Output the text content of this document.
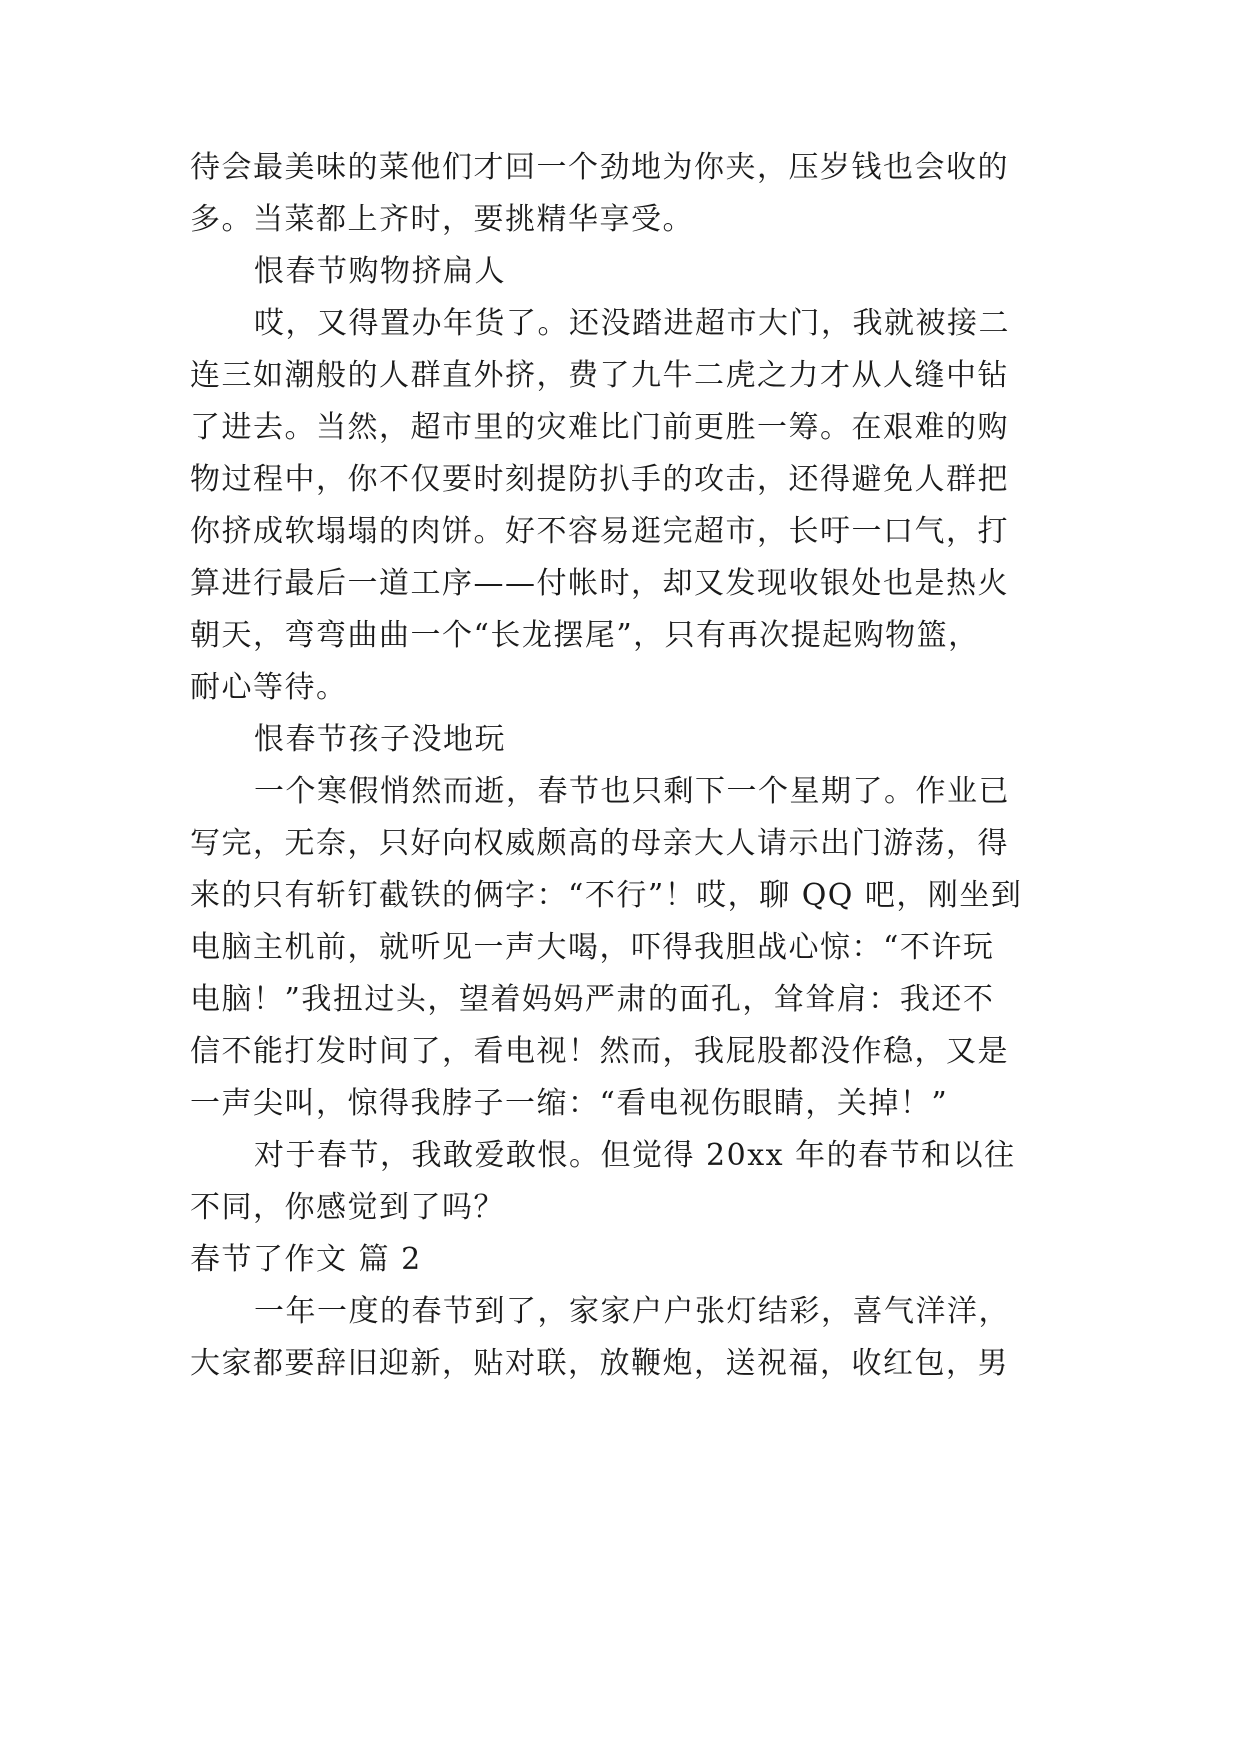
待会最美味的菜他们才回一个劲地为你夹，压岁钱也会收的
多。当菜都上齐时，要挑精华享受。
恨春节购物挤扁人
哎，又得置办年货了。还没踏进超市大门，我就被接二
连三如潮般的人群直外挤，费了九牛二虎之力才从人缝中钻
了进去。当然，超市里的灾难比门前更胜一筹。在艰难的购
物过程中，你不仅要时刻提防扒手的攻击，还得避免人群把
你挤成软塌塌的肉饼。好不容易逛完超市，长吁一口气，打
算进行最后一道工序——付帐时，却又发现收银处也是热火
朝天，弯弯曲曲一个“长龙摆尾”，只有再次提起购物篮，
耐心等待。
恨春节孩子没地玩
一个寒假悄然而逝，春节也只剩下一个星期了。作业已
写完，无奈，只好向权威颇高的母亲大人请示出门游荡，得
来的只有斩钉截铁的俩字：“不行”！哎，聊 QQ 吧，刚坐到
电脑主机前，就听见一声大喝，吓得我胆战心惊：“不许玩
电脑！”我扭过头，望着妈妈严肃的面孔，耸耸肩：我还不
信不能打发时间了，看电视！然而，我屁股都没作稳，又是
一声尖叫，惊得我脖子一缩：“看电视伤眼睛，关掉！”
对于春节，我敢爱敢恨。但觉得 20xx 年的春节和以往
不同，你感觉到了吗？
春节了作文 篇 2
一年一度的春节到了，家家户户张灯结彩，喜气洋洋，
大家都要辞旧迎新，贴对联，放鞭炮，送祝福，收红包，男
